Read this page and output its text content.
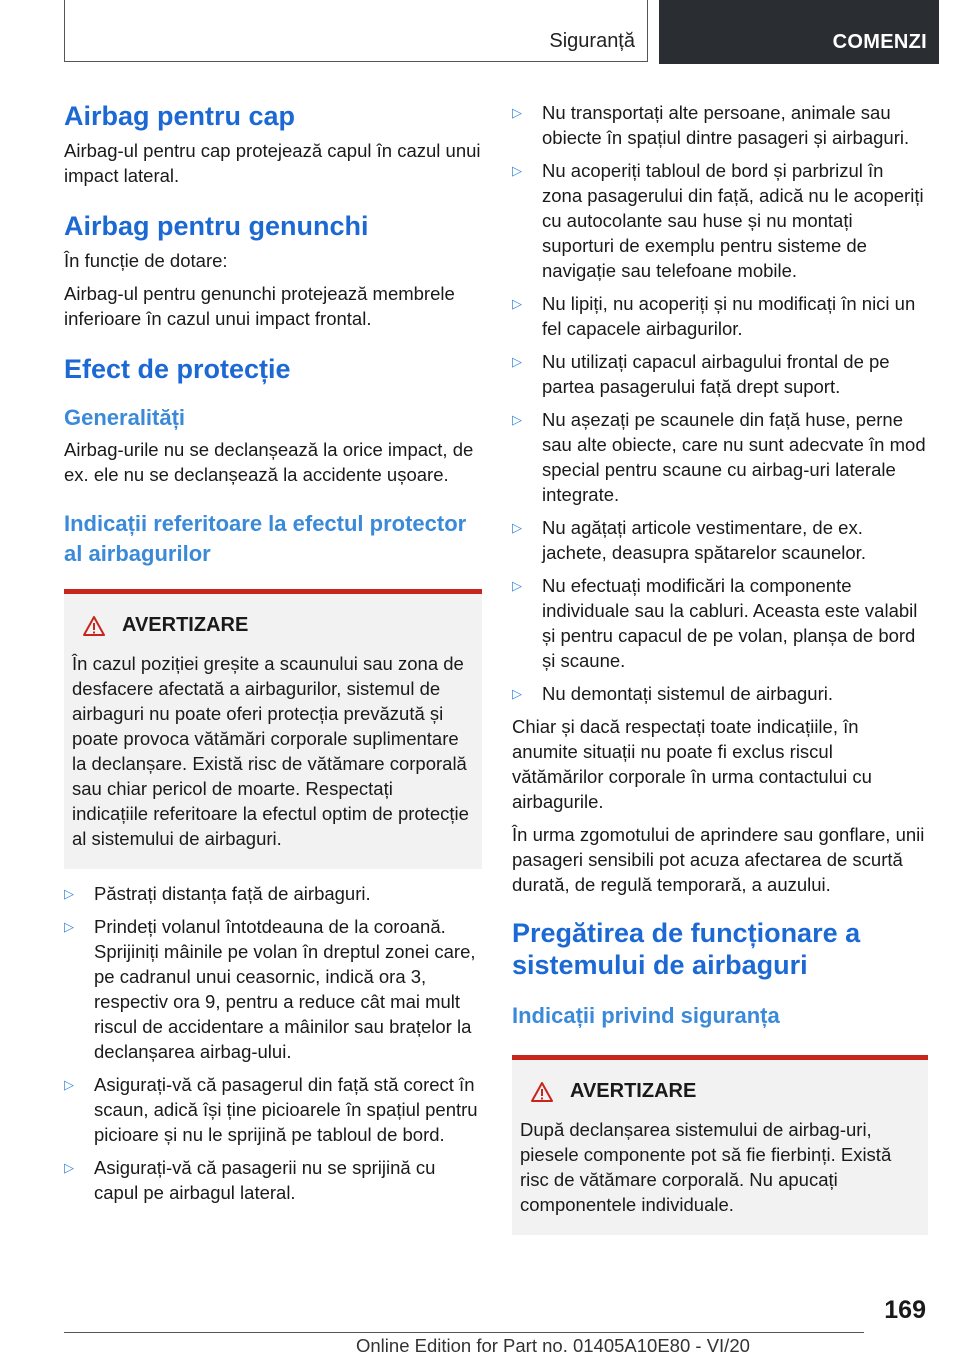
Siguranță	COMENZI
Airbag pentru cap

Airbag-ul pentru cap protejează capul în cazul unui impact lateral.

Airbag pentru genunchi

În funcție de dotare:

Airbag-ul pentru genunchi protejează membrele inferioare în cazul unui impact frontal.

Efect de protecție
Generalități

Airbag-urile nu se declanșează la orice impact, de ex. ele nu se declanșează la accidente ușoare.

Indicații referitoare la efectul protector al airbagurilor
AVERTIZARE

În cazul poziției greșite a scaunului sau zona de desfacere afectată a airbagurilor, sistemul de airbaguri nu poate oferi protecția prevăzută și poate provoca vătămări corporale suplimentare la declanșare. Există risc de vătămare corporală sau chiar pericol de moarte. Respectați indicațiile referitoare la efectul optim de protecție al sistemului de airbaguri.

▷	Păstrați distanța față de airbaguri.
▷	Prindeți volanul întotdeauna de la coroană. Sprijiniți mâinile pe volan în dreptul zonei care, pe cadranul unui ceasornic, indică ora 3, respectiv ora 9, pentru a reduce cât mai mult riscul de accidentare a mâinilor sau brațelor la declanșarea airbag-ului.
▷	Asigurați-vă că pasagerul din față stă corect în scaun, adică își ține picioarele în spațiul pentru picioare și nu le sprijină pe tabloul de bord.
▷	Asigurați-vă că pasagerii nu se sprijină cu capul pe airbagul lateral.
▷	Nu transportați alte persoane, animale sau obiecte în spațiul dintre pasageri și airbaguri.
▷	Nu acoperiți tabloul de bord și parbrizul în zona pasagerului din față, adică nu le acoperiți cu autocolante sau huse și nu montați suporturi de exemplu pentru sisteme de navigație sau telefoane mobile.
▷	Nu lipiți, nu acoperiți și nu modificați în nici un fel capacele airbagurilor.
▷	Nu utilizați capacul airbagului frontal de pe partea pasagerului față drept suport.
▷	Nu așezați pe scaunele din față huse, perne sau alte obiecte, care nu sunt adecvate în mod special pentru scaune cu airbag-uri laterale integrate.
▷	Nu agățați articole vestimentare, de ex. jachete, deasupra spătarelor scaunelor.
▷	Nu efectuați modificări la componente individuale sau la cabluri. Aceasta este valabil și pentru capacul de pe volan, planșa de bord și scaune.
▷	Nu demontați sistemul de airbaguri.

Chiar și dacă respectați toate indicațiile, în anumite situații nu poate fi exclus riscul vătămărilor corporale în urma contactului cu airbagurile.

În urma zgomotului de aprindere sau gonflare, unii pasageri sensibili pot acuza afectarea de scurtă durată, de regulă temporară, a auzului.

Pregătirea de funcționare a sistemului de airbaguri
Indicații privind siguranța
AVERTIZARE

După declanșarea sistemului de airbag-uri, piesele componente pot să fie fierbinți. Există risc de vătămare corporală. Nu apucați componentele individuale.

169
Online Edition for Part no. 01405A10E80 - VI/20
